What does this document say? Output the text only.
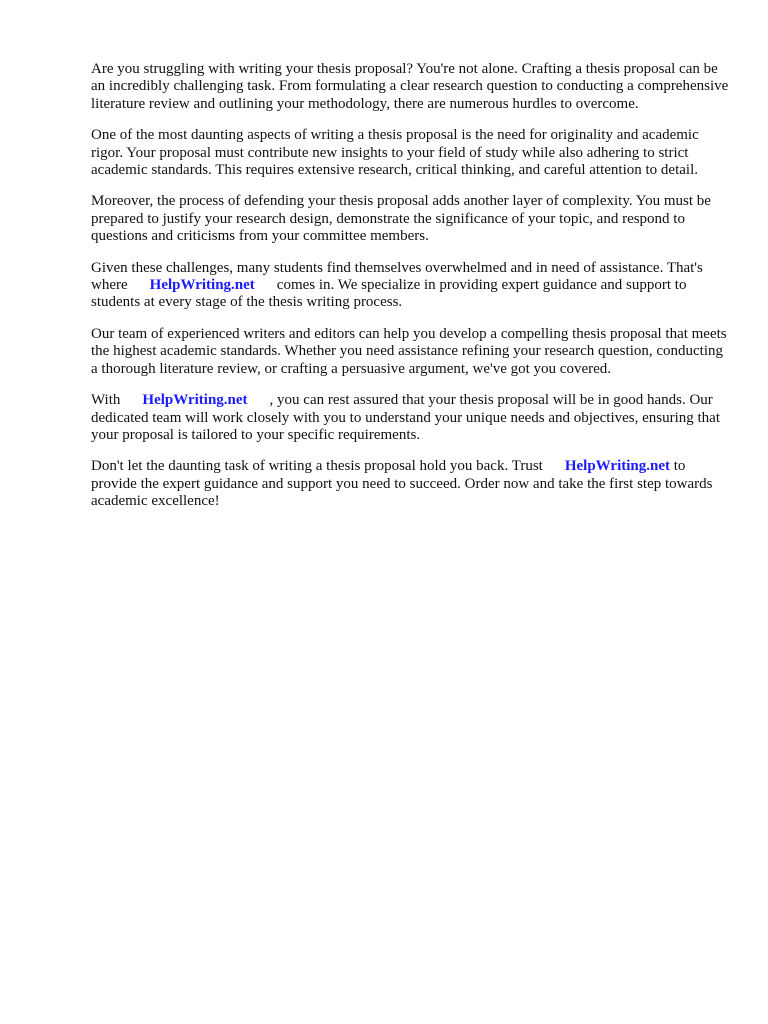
Are you struggling with writing your thesis proposal? You're not alone. Crafting a thesis proposal can be an incredibly challenging task. From formulating a clear research question to conducting a comprehensive literature review and outlining your methodology, there are numerous hurdles to overcome.

One of the most daunting aspects of writing a thesis proposal is the need for originality and academic rigor. Your proposal must contribute new insights to your field of study while also adhering to strict academic standards. This requires extensive research, critical thinking, and careful attention to detail.

Moreover, the process of defending your thesis proposal adds another layer of complexity. You must be prepared to justify your research design, demonstrate the significance of your topic, and respond to questions and criticisms from your committee members.

Given these challenges, many students find themselves overwhelmed and in need of assistance. That's where HelpWriting.net comes in. We specialize in providing expert guidance and support to students at every stage of the thesis writing process.

Our team of experienced writers and editors can help you develop a compelling thesis proposal that meets the highest academic standards. Whether you need assistance refining your research question, conducting a thorough literature review, or crafting a persuasive argument, we've got you covered.

With HelpWriting.net , you can rest assured that your thesis proposal will be in good hands. Our dedicated team will work closely with you to understand your unique needs and objectives, ensuring that your proposal is tailored to your specific requirements.

Don't let the daunting task of writing a thesis proposal hold you back. Trust HelpWriting.net to provide the expert guidance and support you need to succeed. Order now and take the first step towards academic excellence!
